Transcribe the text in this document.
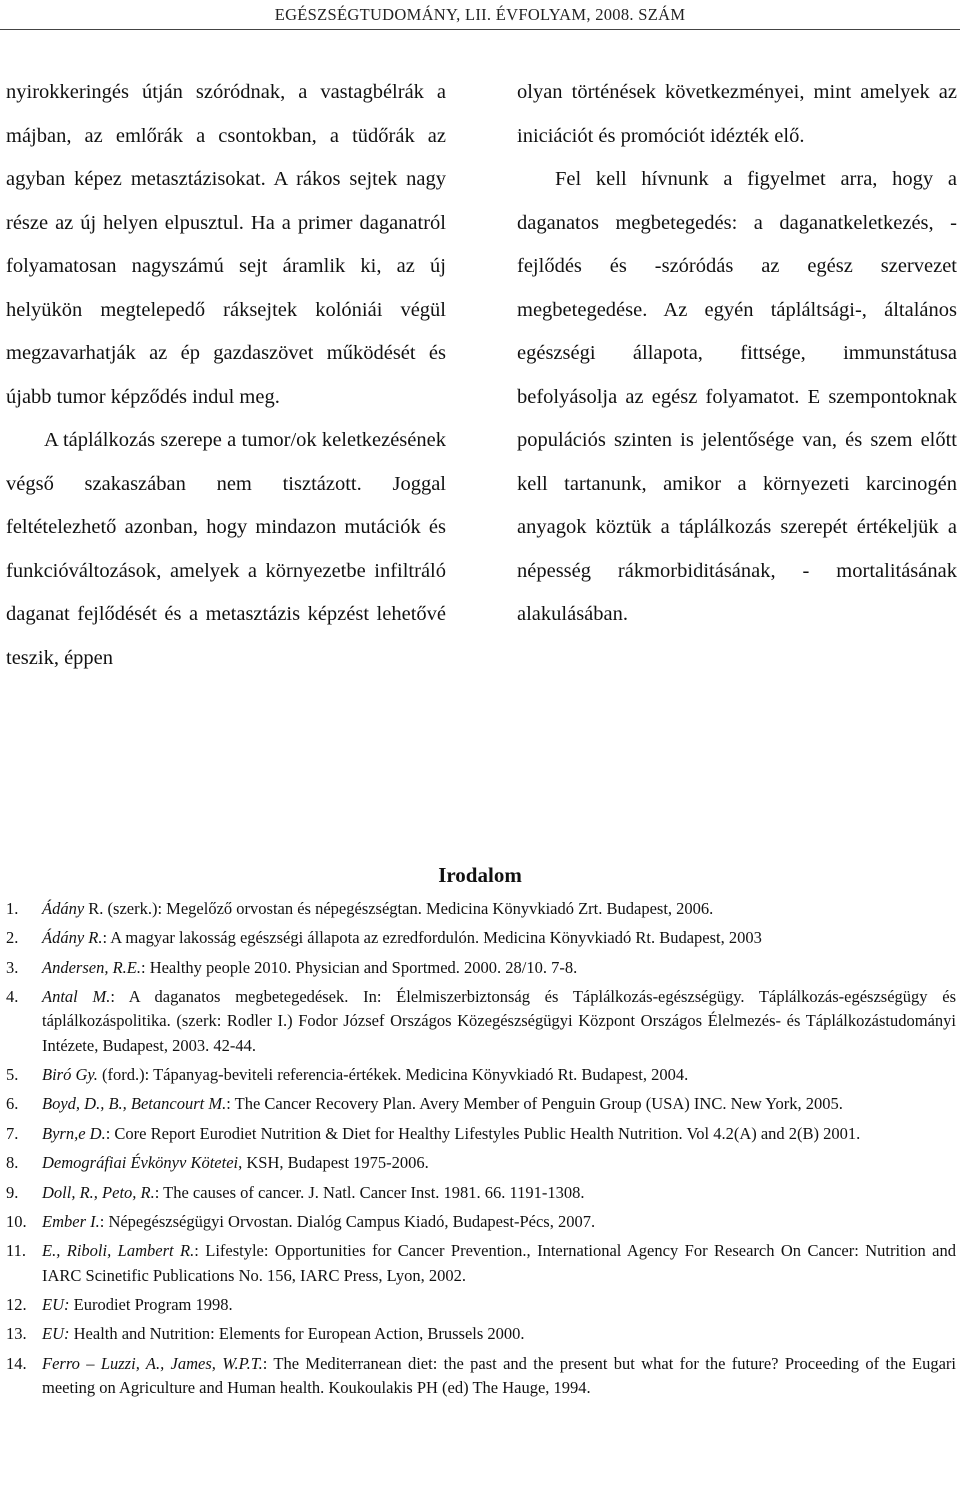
EGÉSZSÉGTUDOMÁNY, LII. ÉVFOLYAM, 2008. SZÁM

nyirokkeringés útján szóródnak, a vastagbélrák a májban, az emlőrák a csontokban, a tüdőrák az agyban képez metasztázisokat. A rákos sejtek nagy része az új helyen elpusztul. Ha a primer daganatról folyamatosan nagyszámú sejt áramlik ki, az új helyükön megtelepedő ráksejtek kolóniái végül megzavarhatják az ép gazdaszövet működését és újabb tumor képződés indul meg.

A táplálkozás szerepe a tumor/ok keletkezésének végső szakaszában nem tisztázott. Joggal feltételezhető azonban, hogy mindazon mutációk és funkcióváltozások, amelyek a környezetbe infiltráló daganat fejlődését és a metasztázis képzést lehetővé teszik, éppen

olyan történések következményei, mint amelyek az iniciációt és promóciót idézték elő.

Fel kell hívnunk a figyelmet arra, hogy a daganatos megbetegedés: a daganatkeletkezés, -fejlődés és -szóródás az egész szervezet megbetegedése. Az egyén tápláltsági-, általános egészségi állapota, fittsége, immunstátusa befolyásolja az egész folyamatot. E szempontoknak populációs szinten is jelentősége van, és szem előtt kell tartanunk, amikor a környezeti karcinogén anyagok köztük a táplálkozás szerepét értékeljük a népesség rákmorbiditásának, - mortalitásának alakulásában.

Irodalom
1. Ádány R. (szerk.): Megelőző orvostan és népegészségtan. Medicina Könyvkiadó Zrt. Budapest, 2006.
2. Ádány R.: A magyar lakosság egészségi állapota az ezredfordulón. Medicina Könyvkiadó Rt. Budapest, 2003
3. Andersen, R.E.: Healthy people 2010. Physician and Sportmed. 2000. 28/10. 7-8.
4. Antal M.: A daganatos megbetegedések. In: Élelmiszerbiztonság és Táplálkozás-egészségügy. Táplálkozás-egészségügy és táplálkozáspolitika. (szerk: Rodler I.) Fodor József Országos Közegészségügyi Központ Országos Élelmezés- és Táplálkozástudományi Intézete, Budapest, 2003. 42-44.
5. Biró Gy. (ford.): Tápanyag-beviteli referencia-értékek. Medicina Könyvkiadó Rt. Budapest, 2004.
6. Boyd, D., B., Betancourt M.: The Cancer Recovery Plan. Avery Member of Penguin Group (USA) INC. New York, 2005.
7. Byrn,e D.: Core Report Eurodiet Nutrition & Diet for Healthy Lifestyles Public Health Nutrition. Vol 4.2(A) and 2(B) 2001.
8. Demográfiai Évkönyv Kötetei, KSH, Budapest 1975-2006.
9. Doll, R., Peto, R.: The causes of cancer. J. Natl. Cancer Inst. 1981. 66. 1191-1308.
10. Ember I.: Népegészségügyi Orvostan. Dialóg Campus Kiadó, Budapest-Pécs, 2007.
11. E., Riboli, Lambert R.: Lifestyle: Opportunities for Cancer Prevention., International Agency For Research On Cancer: Nutrition and IARC Scinetific Publications No. 156, IARC Press, Lyon, 2002.
12. EU: Eurodiet Program 1998.
13. EU: Health and Nutrition: Elements for European Action, Brussels 2000.
14. Ferro – Luzzi, A., James, W.P.T.: The Mediterranean diet: the past and the present but what for the future? Proceeding of the Eugari meeting on Agriculture and Human health. Koukoulakis PH (ed) The Hauge, 1994.
